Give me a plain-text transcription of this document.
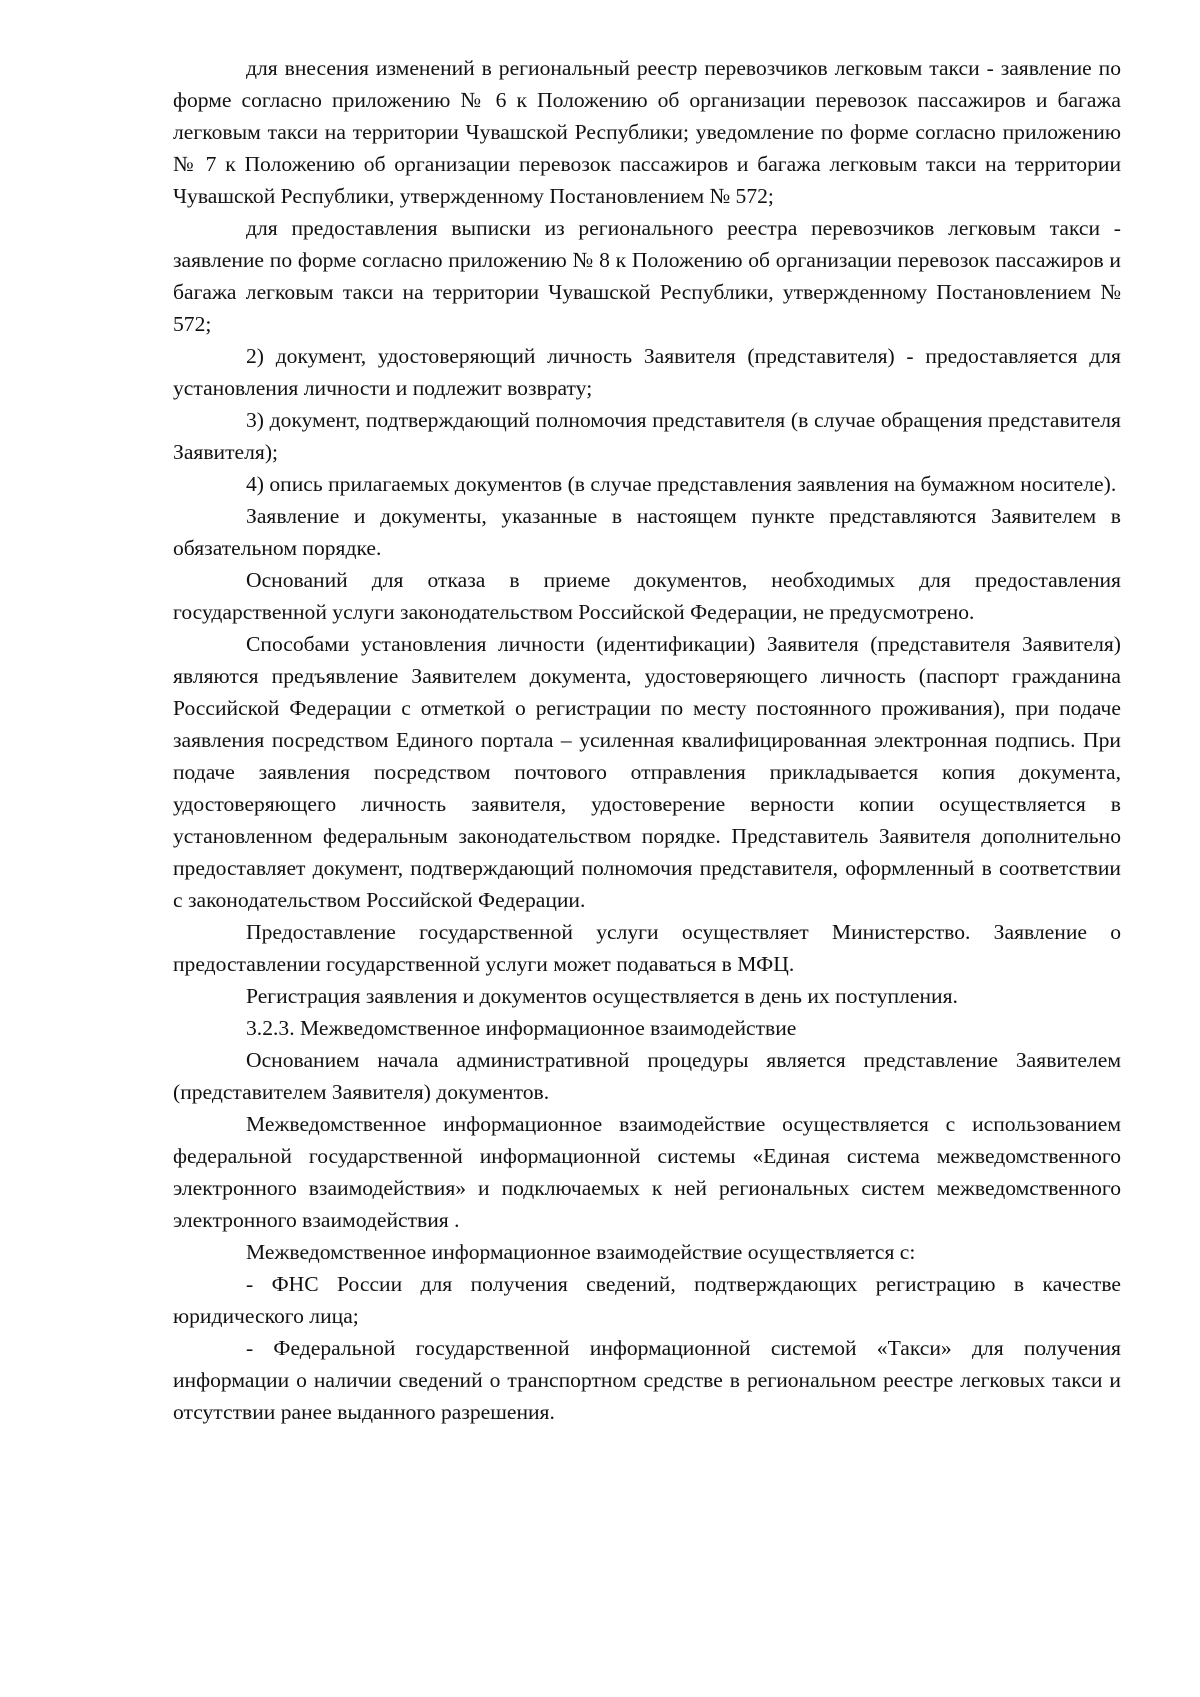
для внесения изменений в региональный реестр перевозчиков легковым такси - заявление по форме согласно приложению № 6 к Положению об организации перевозок пассажиров и багажа легковым такси на территории Чувашской Республики; уведомление по форме согласно приложению № 7 к Положению об организации перевозок пассажиров и багажа легковым такси на территории Чувашской Республики, утвержденному Постановлением № 572;

для предоставления выписки из регионального реестра перевозчиков легковым такси - заявление по форме согласно приложению № 8 к Положению об организации перевозок пассажиров и багажа легковым такси на территории Чувашской Республики, утвержденному Постановлением № 572;

2) документ, удостоверяющий личность Заявителя (представителя) - предоставляется для установления личности и подлежит возврату;

3) документ, подтверждающий полномочия представителя (в случае обращения представителя Заявителя);

4) опись прилагаемых документов (в случае представления заявления на бумажном носителе).

Заявление и документы, указанные в настоящем пункте представляются Заявителем в обязательном порядке.

Оснований для отказа в приеме документов, необходимых для предоставления государственной услуги законодательством Российской Федерации, не предусмотрено.

Способами установления личности (идентификации) Заявителя (представителя Заявителя) являются предъявление Заявителем документа, удостоверяющего личность (паспорт гражданина Российской Федерации с отметкой о регистрации по месту постоянного проживания), при подаче заявления посредством Единого портала – усиленная квалифицированная электронная подпись. При подаче заявления посредством почтового отправления прикладывается копия документа, удостоверяющего личность заявителя, удостоверение верности копии осуществляется в установленном федеральным законодательством порядке. Представитель Заявителя дополнительно предоставляет документ, подтверждающий полномочия представителя, оформленный в соответствии с законодательством Российской Федерации.

Предоставление государственной услуги осуществляет Министерство. Заявление о предоставлении государственной услуги может подаваться в МФЦ.

Регистрация заявления и документов осуществляется в день их поступления.

3.2.3. Межведомственное информационное взаимодействие

Основанием начала административной процедуры является представление Заявителем (представителем Заявителя) документов.

Межведомственное информационное взаимодействие осуществляется с использованием федеральной государственной информационной системы «Единая система межведомственного электронного взаимодействия» и подключаемых к ней региональных систем межведомственного электронного взаимодействия .

Межведомственное информационное взаимодействие осуществляется с:

- ФНС России для получения сведений, подтверждающих регистрацию в качестве юридического лица;

- Федеральной государственной информационной системой «Такси» для получения информации о наличии сведений о транспортном средстве в региональном реестре легковых такси и отсутствии ранее выданного разрешения.
